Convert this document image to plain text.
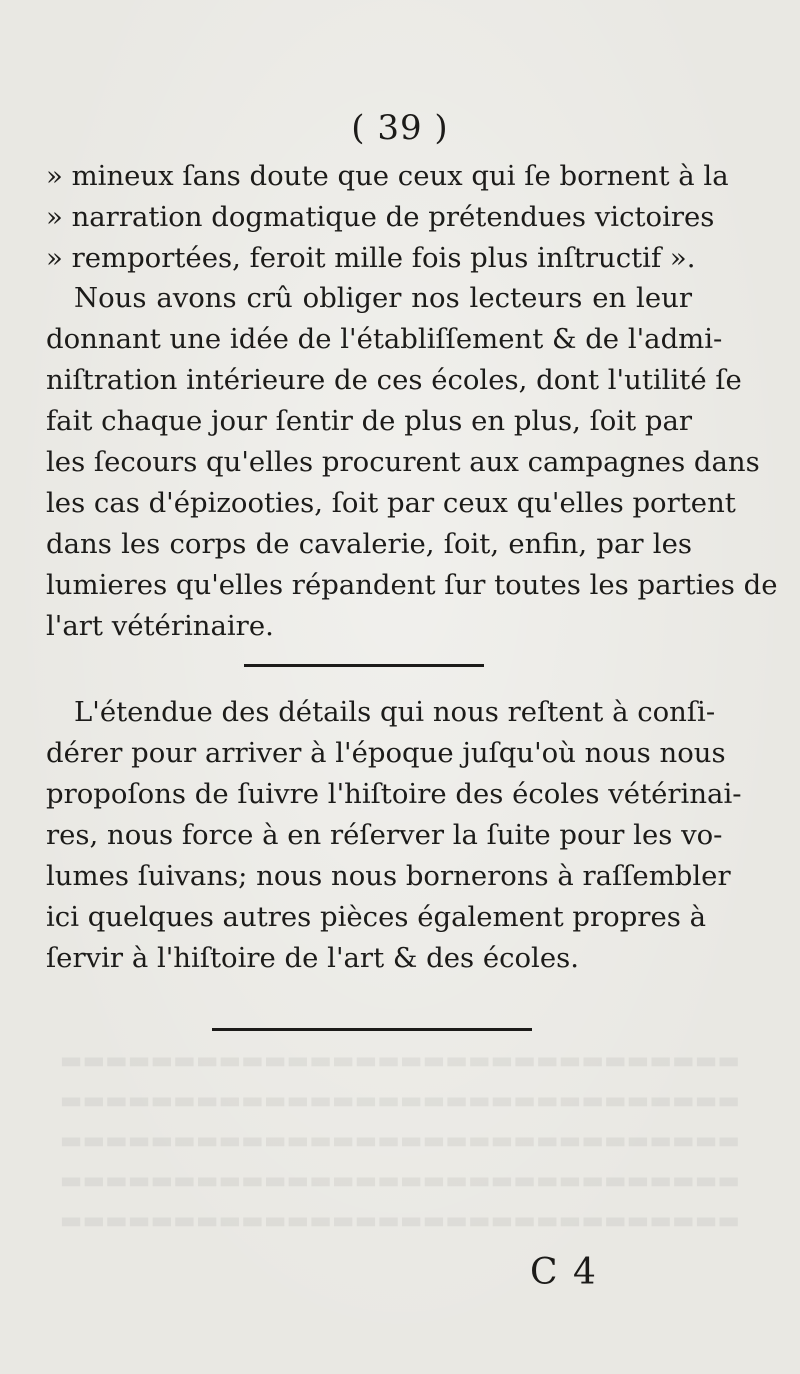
▬▬▬▬▬▬▬▬▬▬▬▬▬▬▬▬▬▬▬▬▬▬▬▬▬▬▬▬▬▬
▬▬▬▬▬▬▬▬▬▬▬▬▬▬▬▬▬▬▬▬▬▬▬▬▬▬▬▬▬▬
▬▬▬▬▬▬▬▬▬▬▬▬▬▬▬▬▬▬▬▬▬▬▬▬▬▬▬▬▬▬
▬▬▬▬▬▬▬▬▬▬▬▬▬▬▬▬▬▬▬▬▬▬▬▬▬▬▬▬▬▬
▬▬▬▬▬▬▬▬▬▬▬▬▬▬▬▬▬▬▬▬▬▬▬▬▬▬▬▬▬▬
( 39 )
» mineux ſans doute que ceux qui ſe bornent à la
» narration dogmatique de prétendues victoires
» remportées, feroit mille fois plus inſtructif ».
Nous avons crû obliger nos lecteurs en leur
donnant une idée de l'établiſſement & de l'admi-
niſtration intérieure de ces écoles, dont l'utilité ſe
fait chaque jour ſentir de plus en plus, ſoit par
les ſecours qu'elles procurent aux campagnes dans
les cas d'épizooties, ſoit par ceux qu'elles portent
dans les corps de cavalerie, ſoit, enfin, par les
lumieres qu'elles répandent ſur toutes les parties de
l'art vétérinaire.
L'étendue des détails qui nous reſtent à conſi-
dérer pour arriver à l'époque juſqu'où nous nous
propoſons de ſuivre l'hiſtoire des écoles vétérinai-
res, nous force à en réſerver la ſuite pour les vo-
lumes ſuivans; nous nous bornerons à raſſembler
ici quelques autres pièces également propres à
ſervir à l'hiſtoire de l'art & des écoles.
C 4
